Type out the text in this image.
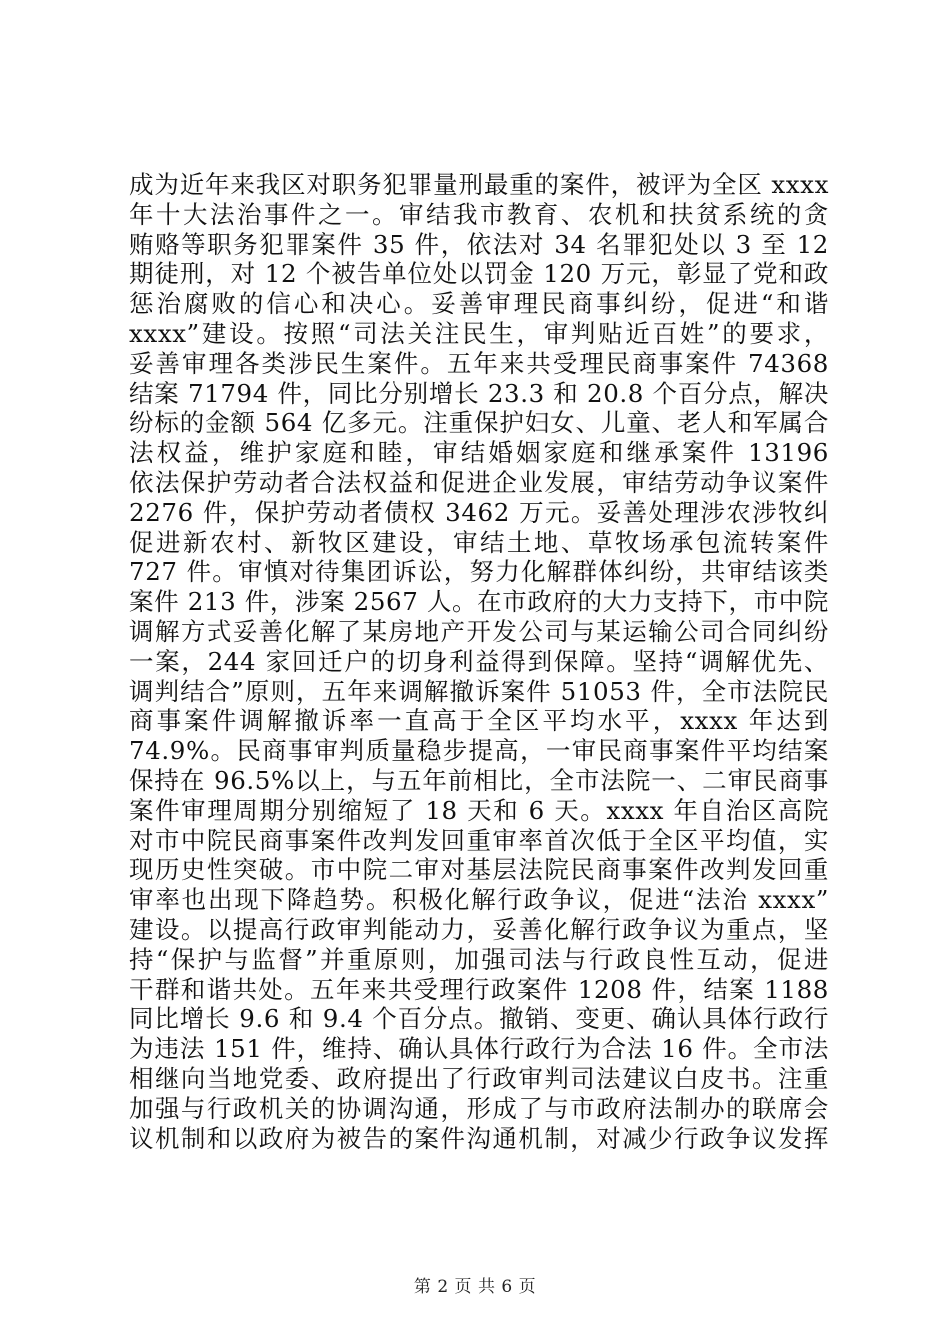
成为近年来我区对职务犯罪量刑最重的案件，被评为全区 xxxx
年十大法治事件之一。审结我市教育、农机和扶贫系统的贪
贿赂等职务犯罪案件 35 件，依法对 34 名罪犯处以 3 至 12
期徒刑，对 12 个被告单位处以罚金 120 万元，彰显了党和政
惩治腐败的信心和决心。妥善审理民商事纠纷，促进“和谐
xxxx”建设。按照“司法关注民生，审判贴近百姓”的要求，
妥善审理各类涉民生案件。五年来共受理民商事案件 74368
结案 71794 件，同比分别增长 23.3 和 20.8 个百分点，解决
纷标的金额 564 亿多元。注重保护妇女、儿童、老人和军属合
法权益，维护家庭和睦，审结婚姻家庭和继承案件 13196
依法保护劳动者合法权益和促进企业发展，审结劳动争议案件
2276 件，保护劳动者债权 3462 万元。妥善处理涉农涉牧纠
促进新农村、新牧区建设，审结土地、草牧场承包流转案件
727 件。审慎对待集团诉讼，努力化解群体纠纷，共审结该类
案件 213 件，涉案 2567 人。在市政府的大力支持下，市中院
调解方式妥善化解了某房地产开发公司与某运输公司合同纠纷
一案，244 家回迁户的切身利益得到保障。坚持“调解优先、
调判结合”原则，五年来调解撤诉案件 51053 件，全市法院民
商事案件调解撤诉率一直高于全区平均水平，xxxx 年达到
74.9%。民商事审判质量稳步提高，一审民商事案件平均结案
保持在 96.5%以上，与五年前相比，全市法院一、二审民商事
案件审理周期分别缩短了 18 天和 6 天。xxxx 年自治区高院
对市中院民商事案件改判发回重审率首次低于全区平均值，实
现历史性突破。市中院二审对基层法院民商事案件改判发回重
审率也出现下降趋势。积极化解行政争议，促进“法治 xxxx”
建设。以提高行政审判能动力，妥善化解行政争议为重点，坚
持“保护与监督”并重原则，加强司法与行政良性互动，促进
干群和谐共处。五年来共受理行政案件 1208 件，结案 1188
同比增长 9.6 和 9.4 个百分点。撤销、变更、确认具体行政行
为违法 151 件，维持、确认具体行政行为合法 16 件。全市法
相继向当地党委、政府提出了行政审判司法建议白皮书。注重
加强与行政机关的协调沟通，形成了与市政府法制办的联席会
议机制和以政府为被告的案件沟通机制，对减少行政争议发挥
第 2 页 共 6 页
